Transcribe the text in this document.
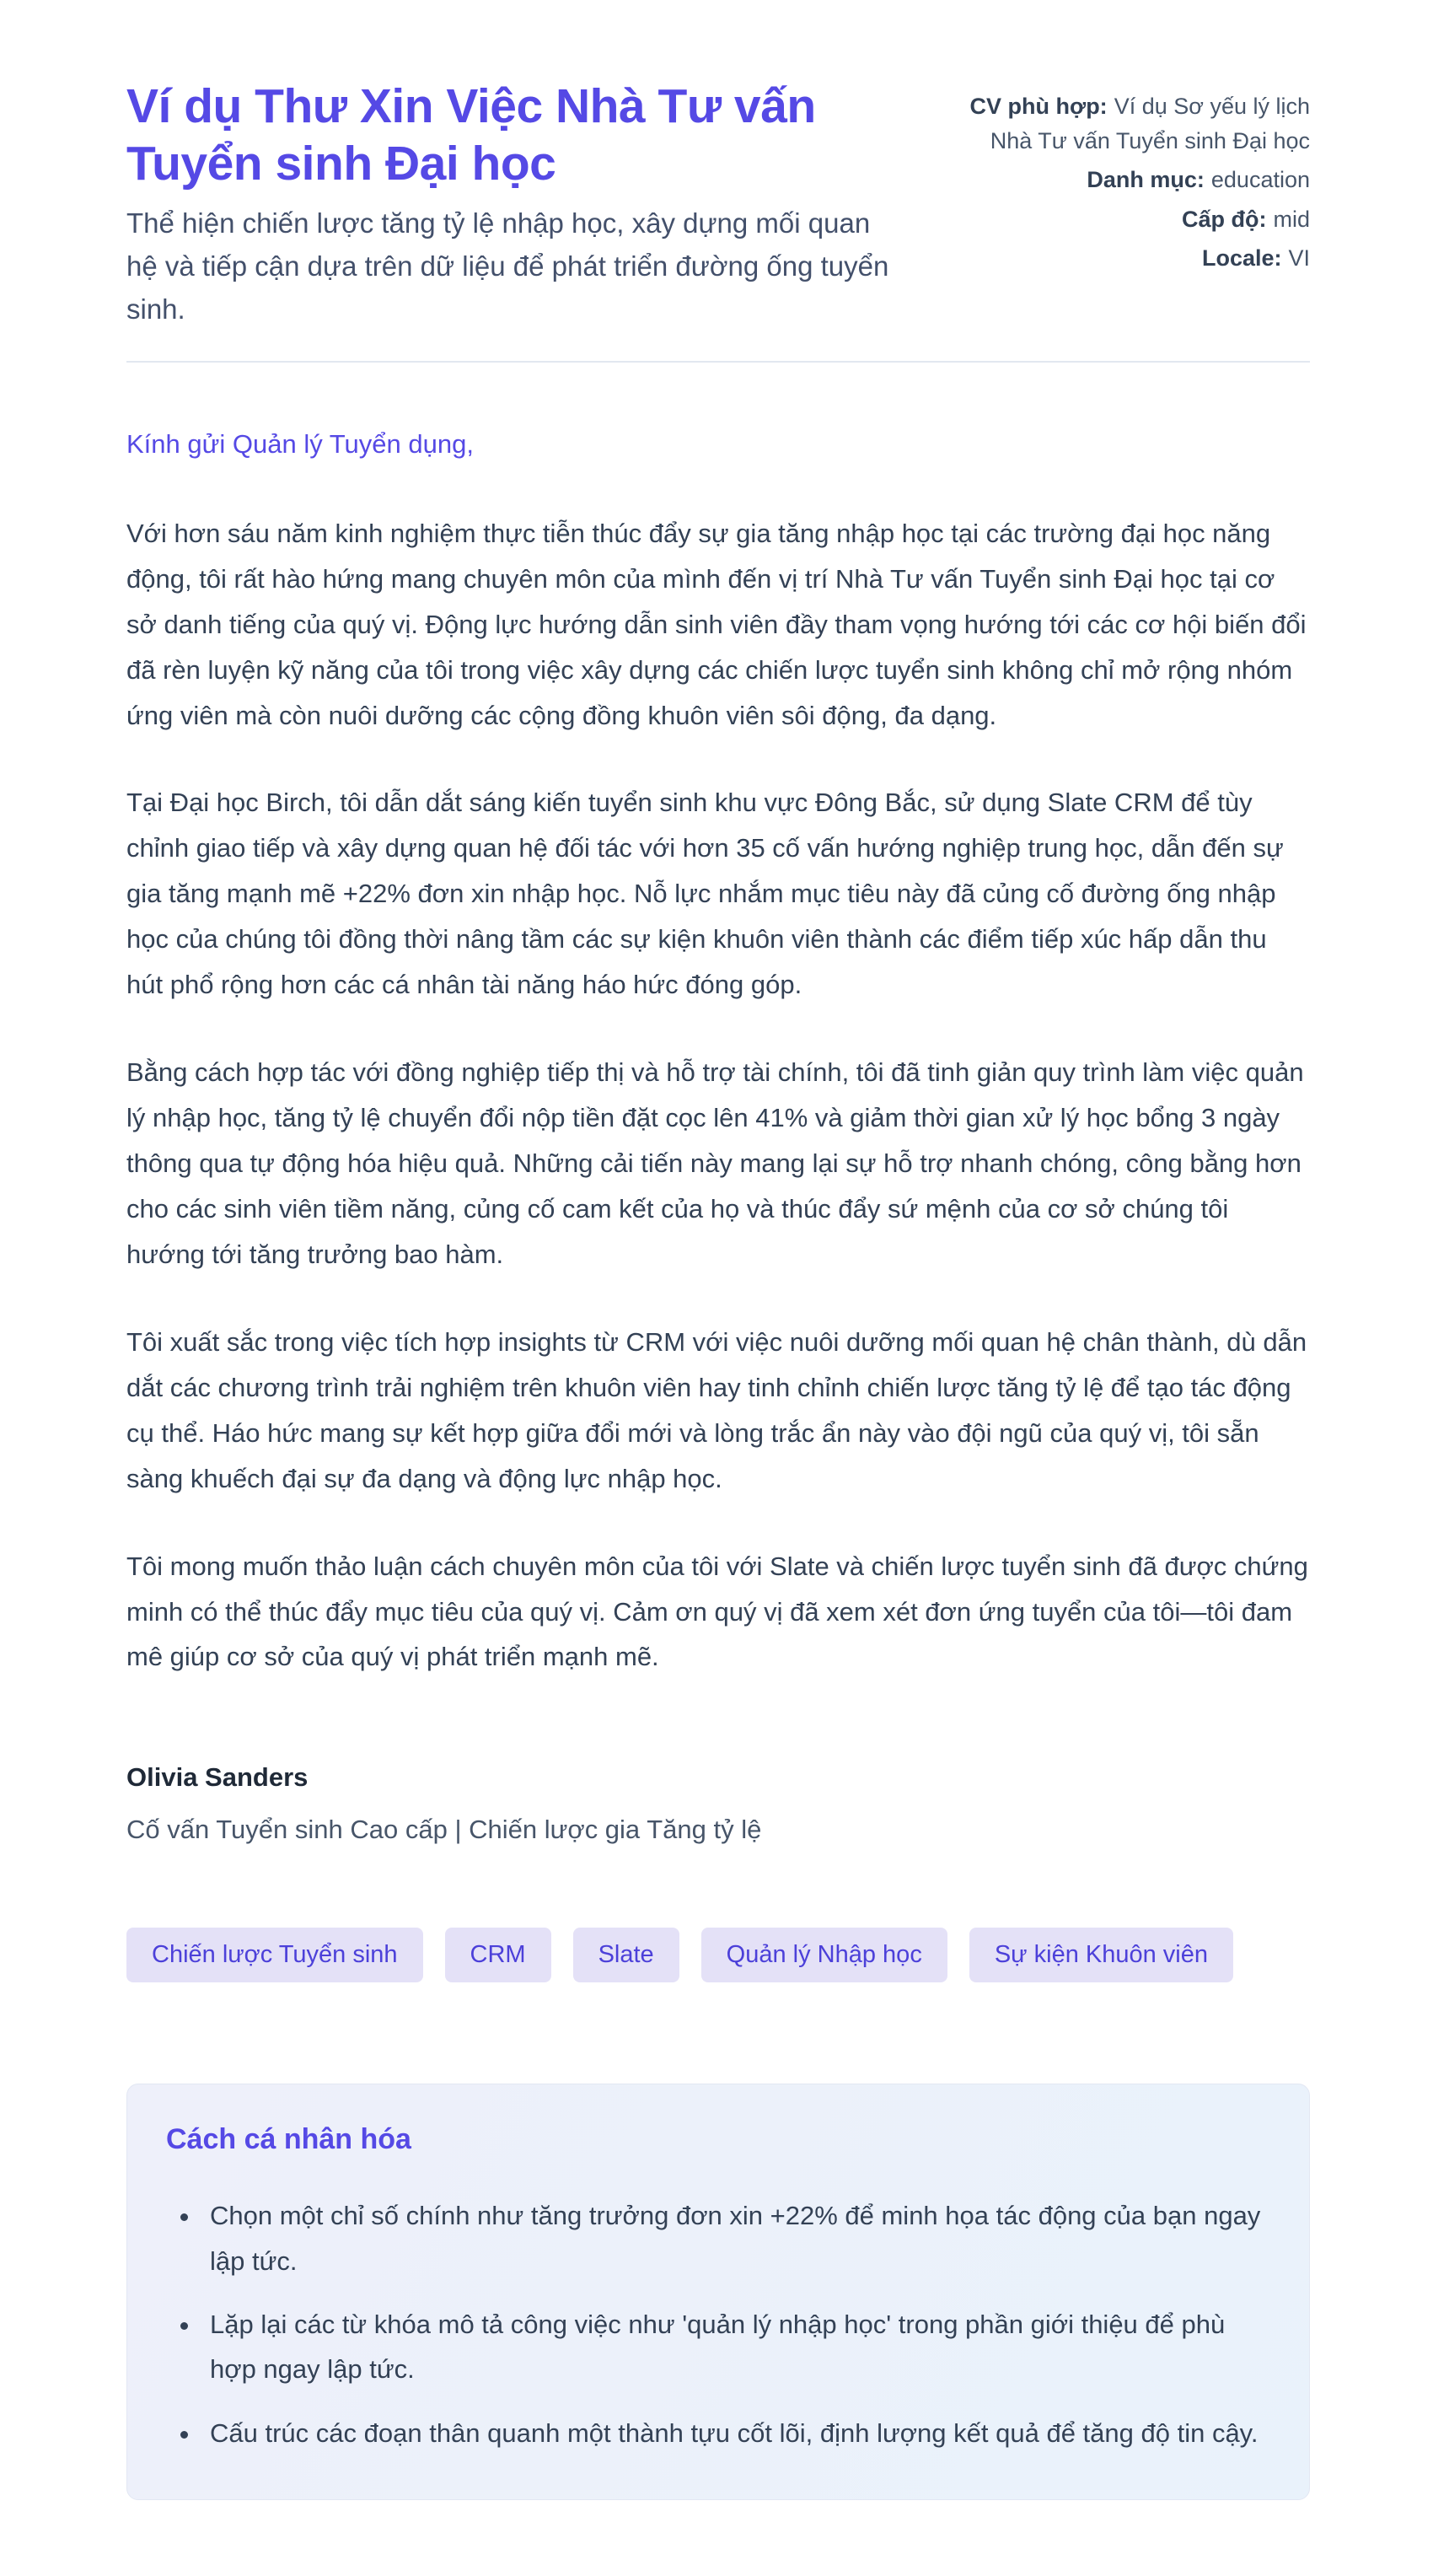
Ví dụ Thư Xin Việc Nhà Tư vấn Tuyển sinh Đại học

Thể hiện chiến lược tăng tỷ lệ nhập học, xây dựng mối quan hệ và tiếp cận dựa trên dữ liệu để phát triển đường ống tuyển sinh.

CV phù hợp: Ví dụ Sơ yếu lý lịch Nhà Tư vấn Tuyển sinh Đại học
Danh mục: education
Cấp độ: mid
Locale: VI

Kính gửi Quản lý Tuyển dụng,

Với hơn sáu năm kinh nghiệm thực tiễn thúc đẩy sự gia tăng nhập học tại các trường đại học năng động, tôi rất hào hứng mang chuyên môn của mình đến vị trí Nhà Tư vấn Tuyển sinh Đại học tại cơ sở danh tiếng của quý vị. Động lực hướng dẫn sinh viên đầy tham vọng hướng tới các cơ hội biến đổi đã rèn luyện kỹ năng của tôi trong việc xây dựng các chiến lược tuyển sinh không chỉ mở rộng nhóm ứng viên mà còn nuôi dưỡng các cộng đồng khuôn viên sôi động, đa dạng.

Tại Đại học Birch, tôi dẫn dắt sáng kiến tuyển sinh khu vực Đông Bắc, sử dụng Slate CRM để tùy chỉnh giao tiếp và xây dựng quan hệ đối tác với hơn 35 cố vấn hướng nghiệp trung học, dẫn đến sự gia tăng mạnh mẽ +22% đơn xin nhập học. Nỗ lực nhắm mục tiêu này đã củng cố đường ống nhập học của chúng tôi đồng thời nâng tầm các sự kiện khuôn viên thành các điểm tiếp xúc hấp dẫn thu hút phổ rộng hơn các cá nhân tài năng háo hức đóng góp.

Bằng cách hợp tác với đồng nghiệp tiếp thị và hỗ trợ tài chính, tôi đã tinh giản quy trình làm việc quản lý nhập học, tăng tỷ lệ chuyển đổi nộp tiền đặt cọc lên 41% và giảm thời gian xử lý học bổng 3 ngày thông qua tự động hóa hiệu quả. Những cải tiến này mang lại sự hỗ trợ nhanh chóng, công bằng hơn cho các sinh viên tiềm năng, củng cố cam kết của họ và thúc đẩy sứ mệnh của cơ sở chúng tôi hướng tới tăng trưởng bao hàm.

Tôi xuất sắc trong việc tích hợp insights từ CRM với việc nuôi dưỡng mối quan hệ chân thành, dù dẫn dắt các chương trình trải nghiệm trên khuôn viên hay tinh chỉnh chiến lược tăng tỷ lệ để tạo tác động cụ thể. Háo hức mang sự kết hợp giữa đổi mới và lòng trắc ẩn này vào đội ngũ của quý vị, tôi sẵn sàng khuếch đại sự đa dạng và động lực nhập học.

Tôi mong muốn thảo luận cách chuyên môn của tôi với Slate và chiến lược tuyển sinh đã được chứng minh có thể thúc đẩy mục tiêu của quý vị. Cảm ơn quý vị đã xem xét đơn ứng tuyển của tôi—tôi đam mê giúp cơ sở của quý vị phát triển mạnh mẽ.

Olivia Sanders
Cố vấn Tuyển sinh Cao cấp | Chiến lược gia Tăng tỷ lệ
Chiến lược Tuyển sinh	CRM	Slate	Quản lý Nhập học	Sự kiện Khuôn viên
Cách cá nhân hóa
• Chọn một chỉ số chính như tăng trưởng đơn xin +22% để minh họa tác động của bạn ngay lập tức.
• Lặp lại các từ khóa mô tả công việc như 'quản lý nhập học' trong phần giới thiệu để phù hợp ngay lập tức.
• Cấu trúc các đoạn thân quanh một thành tựu cốt lõi, định lượng kết quả để tăng độ tin cậy.
